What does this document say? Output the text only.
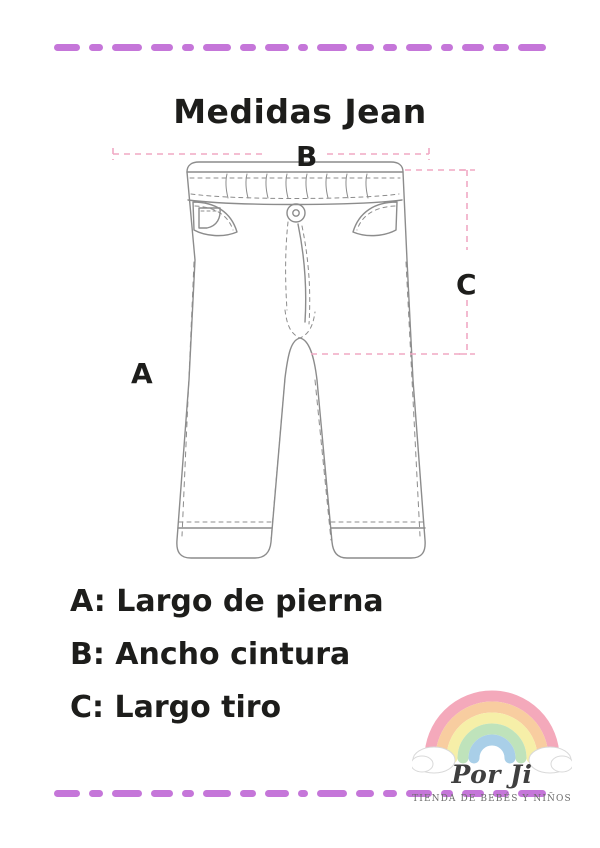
Medidas Jean
A
B
C
A: Largo de pierna
B: Ancho cintura
C: Largo tiro
Por Ji
TIENDA DE BEBÉS Y NIÑOS
